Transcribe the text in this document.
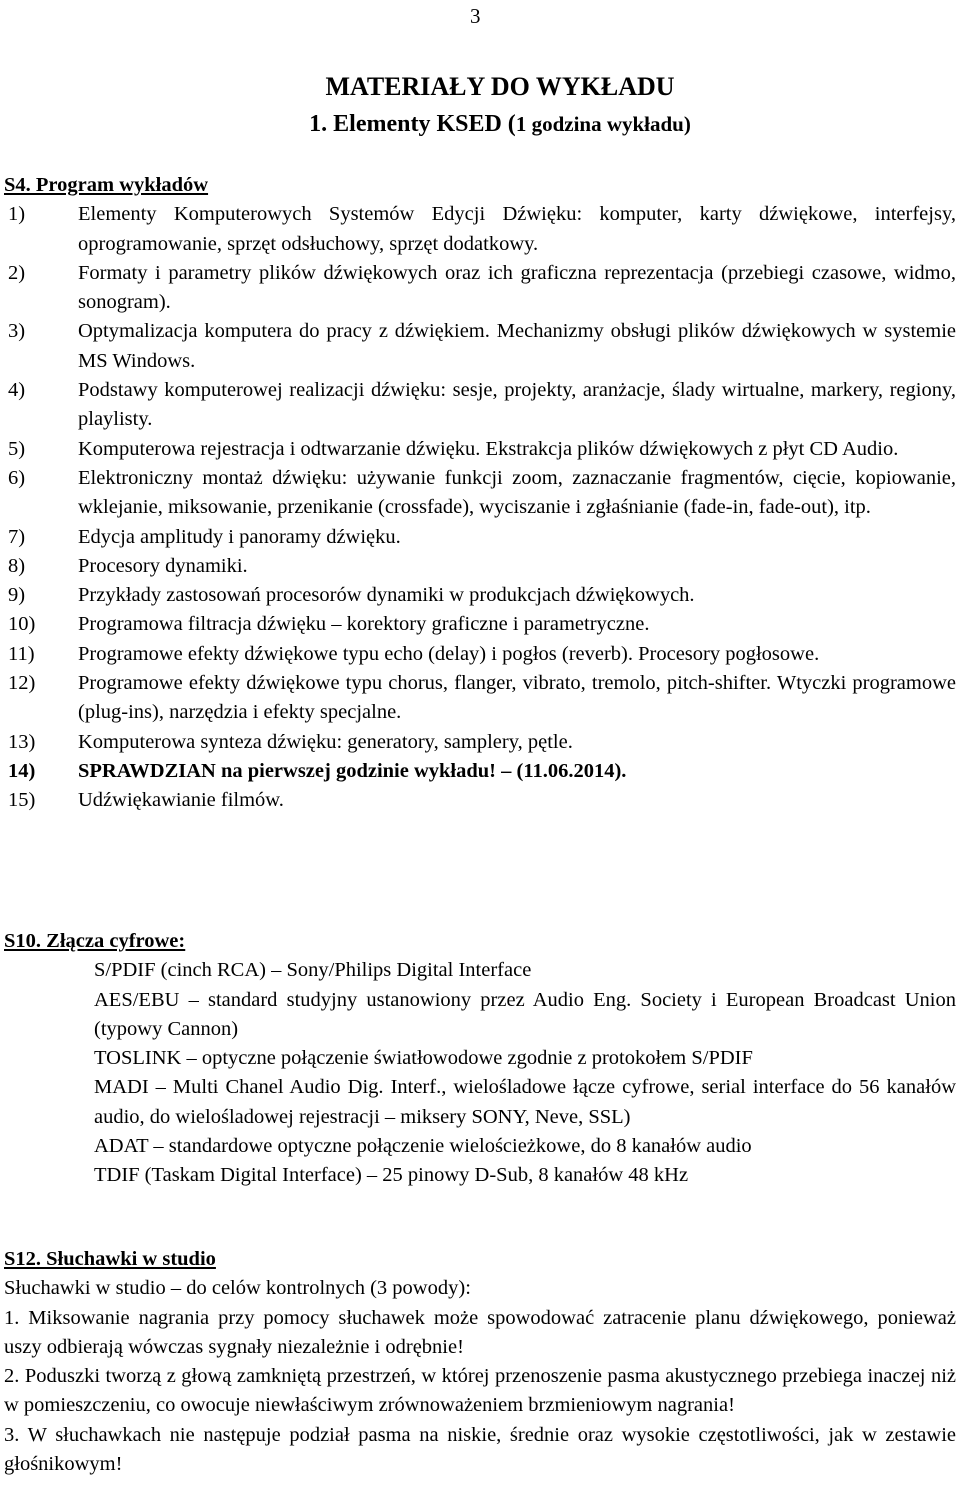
3
MATERIAŁY DO WYKŁADU
1. Elementy KSED (1 godzina wykładu)
S4. Program wykładów
1)	Elementy Komputerowych Systemów Edycji Dźwięku: komputer, karty dźwiękowe, interfejsy, oprogramowanie, sprzęt odsłuchowy, sprzęt dodatkowy.
2)	Formaty i parametry plików dźwiękowych oraz ich graficzna reprezentacja (przebiegi czasowe, widmo, sonogram).
3)	Optymalizacja komputera do pracy z dźwiękiem. Mechanizmy obsługi plików dźwiękowych w systemie MS Windows.
4)	Podstawy komputerowej realizacji dźwięku: sesje, projekty, aranżacje, ślady wirtualne, markery, regiony, playlisty.
5)	Komputerowa rejestracja i odtwarzanie dźwięku. Ekstrakcja plików dźwiękowych z płyt CD Audio.
6)	Elektroniczny montaż dźwięku: używanie funkcji zoom, zaznaczanie fragmentów, cięcie, kopiowanie, wklejanie, miksowanie, przenikanie (crossfade), wyciszanie i zgłaśnianie (fade-in, fade-out), itp.
7)	Edycja amplitudy i panoramy dźwięku.
8)	Procesory dynamiki.
9)	Przykłady zastosowań procesorów dynamiki w produkcjach dźwiękowych.
10) Programowa filtracja dźwięku – korektory graficzne i parametryczne.
11) Programowe efekty dźwiękowe typu echo (delay) i pogłos (reverb). Procesory pogłosowe.
12) Programowe efekty dźwiękowe typu chorus, flanger, vibrato, tremolo, pitch-shifter. Wtyczki programowe (plug-ins), narzędzia i efekty specjalne.
13) Komputerowa synteza dźwięku: generatory, samplery, pętle.
14) SPRAWDZIAN na pierwszej godzinie wykładu! – (11.06.2014).
15) Udźwiękawianie filmów.
S10. Złącza cyfrowe:
S/PDIF (cinch RCA) – Sony/Philips Digital Interface
AES/EBU – standard studyjny ustanowiony przez Audio Eng. Society i European Broadcast Union (typowy Cannon)
TOSLINK – optyczne połączenie światłowodowe zgodnie z protokołem S/PDIF
MADI – Multi Chanel Audio Dig. Interf., wielośladowe łącze cyfrowe, serial interface do 56 kanałów audio, do wielośladowej rejestracji – miksery SONY, Neve, SSL)
ADAT – standardowe optyczne połączenie wielościeżkowe, do 8 kanałów audio
TDIF (Taskam Digital Interface) – 25 pinowy D-Sub, 8 kanałów 48 kHz
S12. Słuchawki w studio
Słuchawki w studio – do celów kontrolnych (3 powody):
1. Miksowanie nagrania przy pomocy słuchawek może spowodować zatracenie planu dźwiękowego, ponieważ uszy odbierają wówczas sygnały niezależnie i odrębnie!
2. Poduszki tworzą z głową zamkniętą przestrzeń, w której przenoszenie pasma akustycznego przebiega inaczej niż w pomieszczeniu, co owocuje niewłaściwym zrównoważeniem brzmieniowym nagrania!
3. W słuchawkach nie następuje podział pasma na niskie, średnie oraz wysokie częstotliwości, jak w zestawie głośnikowym!
